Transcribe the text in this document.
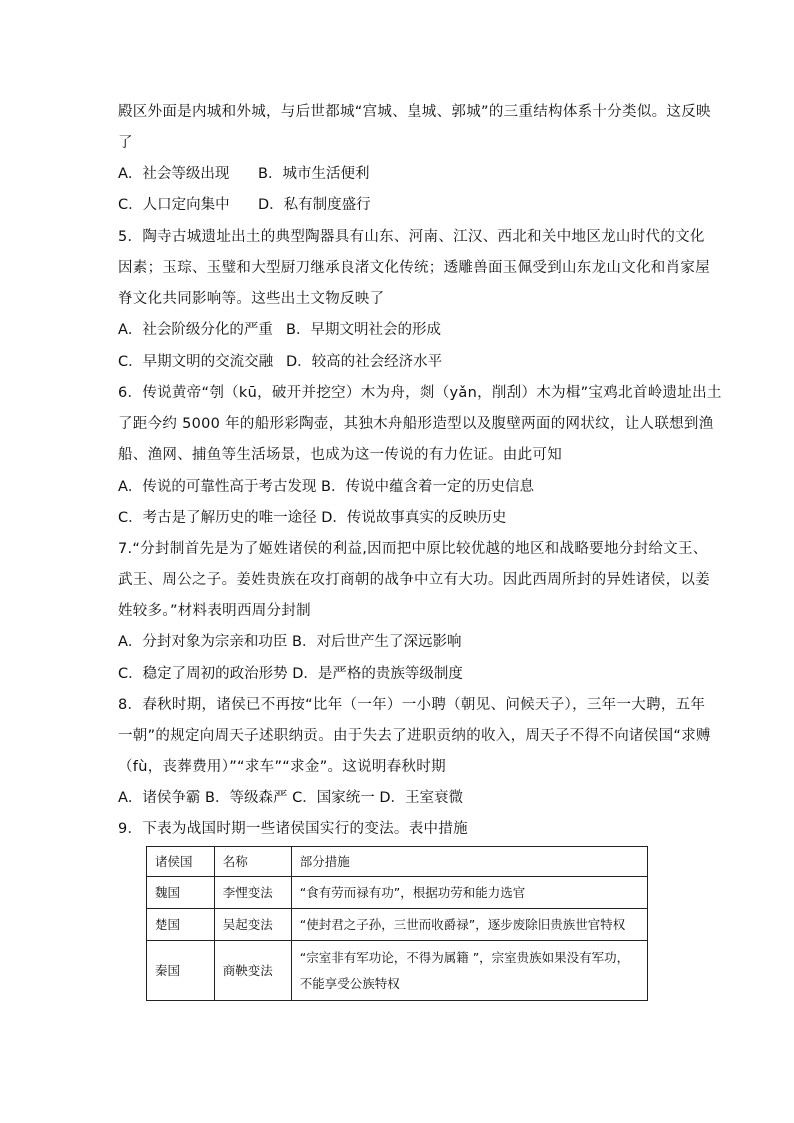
殿区外面是内城和外城，与后世都城“宫城、皇城、郭城”的三重结构体系十分类似。这反映
了
A．社会等级出现 B．城市生活便利
C．人口定向集中 D．私有制度盛行
5．陶寺古城遗址出土的典型陶器具有山东、河南、江汉、西北和关中地区龙山时代的文化
因素；玉琮、玉璧和大型厨刀继承良渚文化传统；透雕兽面玉佩受到山东龙山文化和肖家屋
脊文化共同影响等。这些出土文物反映了
A．社会阶级分化的严重 B．早期文明社会的形成
C．早期文明的交流交融 D．较高的社会经济水平
6．传说黄帝“刳（kū，破开并挖空）木为舟，剡（yǎn，削刮）木为楫”宝鸡北首岭遗址出土
了距今约 5000 年的船形彩陶壶，其独木舟船形造型以及腹壁两面的网状纹，让人联想到渔
船、渔网、捕鱼等生活场景，也成为这一传说的有力佐证。由此可知
A．传说的可靠性高于考古发现 B．传说中蕴含着一定的历史信息
C．考古是了解历史的唯一途径 D．传说故事真实的反映历史
7.“分封制首先是为了姬姓诸侯的利益,因而把中原比较优越的地区和战略要地分封给文王、
武王、周公之子。姜姓贵族在攻打商朝的战争中立有大功。因此西周所封的异姓诸侯，以姜
姓较多。”材料表明西周分封制
A．分封对象为宗亲和功臣 B．对后世产生了深远影响
C．稳定了周初的政治形势 D．是严格的贵族等级制度
8．春秋时期，诸侯已不再按“比年（一年）一小聘（朝见、问候天子），三年一大聘，五年
一朝”的规定向周天子述职纳贡。由于失去了进职贡纳的收入，周天子不得不向诸侯国“求赙
（fù，丧葬费用）”“求车”“求金”。这说明春秋时期
A．诸侯争霸 B．等级森严 C．国家统一 D．王室衰微
9．下表为战国时期一些诸侯国实行的变法。表中措施
诸侯国	名称	部分措施
魏国	李悝变法	“食有劳而禄有功”，根据功劳和能力选官
楚国	吴起变法	“使封君之子孙，三世而收爵禄”，逐步废除旧贵族世官特权
秦国	商鞅变法	“宗室非有军功论，不得为属籍 ”，宗室贵族如果没有军功，不能享受公族特权
